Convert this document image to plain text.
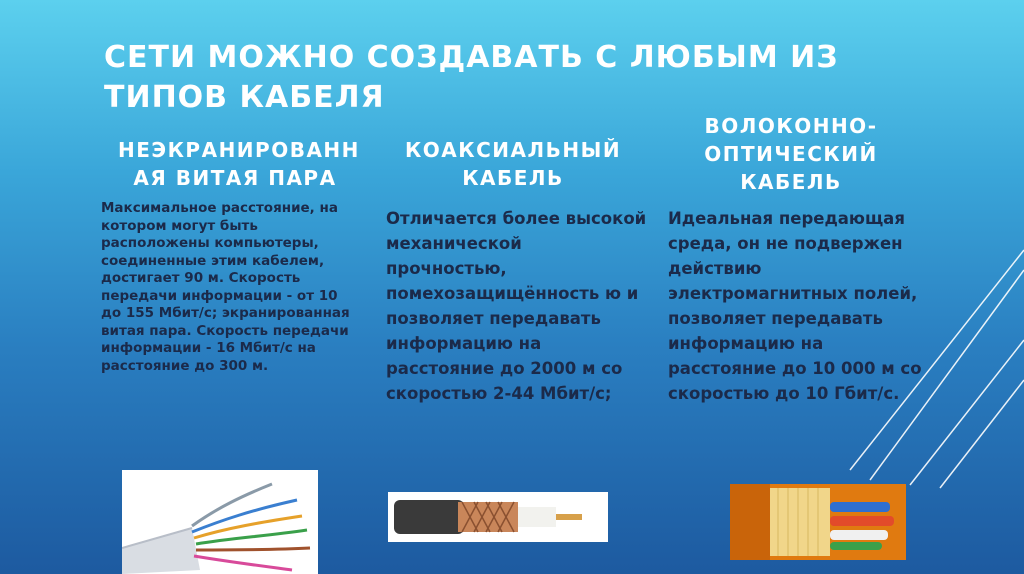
СЕТИ МОЖНО СОЗДАВАТЬ С ЛЮБЫМ ИЗ ТИПОВ КАБЕЛЯ
НЕЭКРАНИРОВАНН АЯ ВИТАЯ ПАРА
КОАКСИАЛЬНЫЙ КАБЕЛЬ
ВОЛОКОННО-ОПТИЧЕСКИЙ КАБЕЛЬ
Максимальное расстояние, на котором могут быть расположены компьютеры, соединенные этим кабелем, достигает 90 м. Скорость передачи информации - от 10 до 155 Мбит/с; экранированная витая пара. Скорость передачи информации - 16 Мбит/с на расстояние до 300 м.
Отличается более высокой механической прочностью, помехозащищённость ю и позволяет передавать информацию на расстояние до 2000 м со скоростью 2-44 Мбит/с;
Идеальная передающая среда, он не подвержен действию электромагнитных полей, позволяет передавать информацию на расстояние до 10 000 м со скоростью до 10 Гбит/с.
